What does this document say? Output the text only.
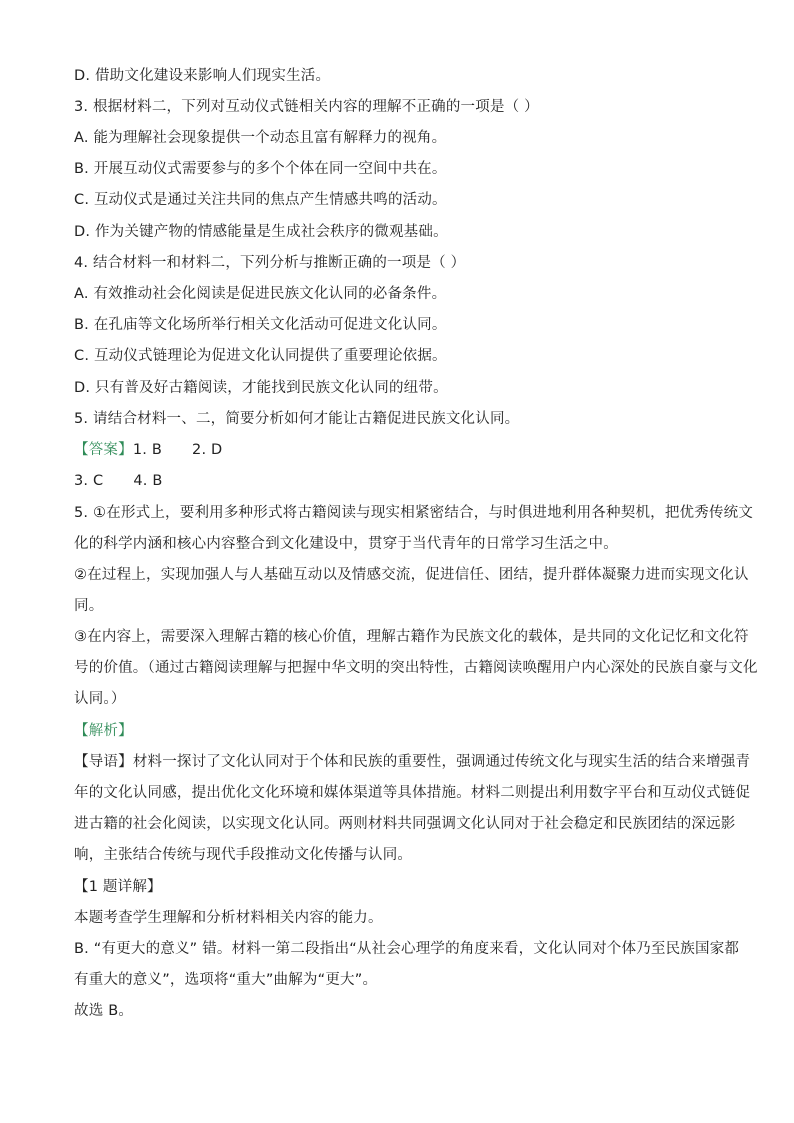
D. 借助文化建设来影响人们现实生活。
3. 根据材料二，下列对互动仪式链相关内容的理解不正确的一项是（ ）
A. 能为理解社会现象提供一个动态且富有解释力的视角。
B. 开展互动仪式需要参与的多个个体在同一空间中共在。
C. 互动仪式是通过关注共同的焦点产生情感共鸣的活动。
D. 作为关键产物的情感能量是生成社会秩序的微观基础。
4. 结合材料一和材料二，下列分析与推断正确的一项是（ ）
A. 有效推动社会化阅读是促进民族文化认同的必备条件。
B. 在孔庙等文化场所举行相关文化活动可促进文化认同。
C. 互动仪式链理论为促进文化认同提供了重要理论依据。
D. 只有普及好古籍阅读，才能找到民族文化认同的纽带。
5. 请结合材料一、二，简要分析如何才能让古籍促进民族文化认同。
【答案】1. B 2. D
3. C 4. B
5. ①在形式上，要利用多种形式将古籍阅读与现实相紧密结合，与时俱进地利用各种契机，把优秀传统文
化的科学内涵和核心内容整合到文化建设中，贯穿于当代青年的日常学习生活之中。
②在过程上，实现加强人与人基础互动以及情感交流，促进信任、团结，提升群体凝聚力进而实现文化认
同。
③在内容上，需要深入理解古籍的核心价值，理解古籍作为民族文化的载体，是共同的文化记忆和文化符
号的价值。（通过古籍阅读理解与把握中华文明的突出特性，古籍阅读唤醒用户内心深处的民族自豪与文化
认同。）
【解析】
【导语】材料一探讨了文化认同对于个体和民族的重要性，强调通过传统文化与现实生活的结合来增强青
年的文化认同感，提出优化文化环境和媒体渠道等具体措施。材料二则提出利用数字平台和互动仪式链促
进古籍的社会化阅读，以实现文化认同。两则材料共同强调文化认同对于社会稳定和民族团结的深远影
响，主张结合传统与现代手段推动文化传播与认同。
【1 题详解】
本题考查学生理解和分析材料相关内容的能力。
B. “有更大的意义” 错。材料一第二段指出“从社会心理学的角度来看，文化认同对个体乃至民族国家都
有重大的意义”，选项将“重大”曲解为“更大”。
故选 B。
